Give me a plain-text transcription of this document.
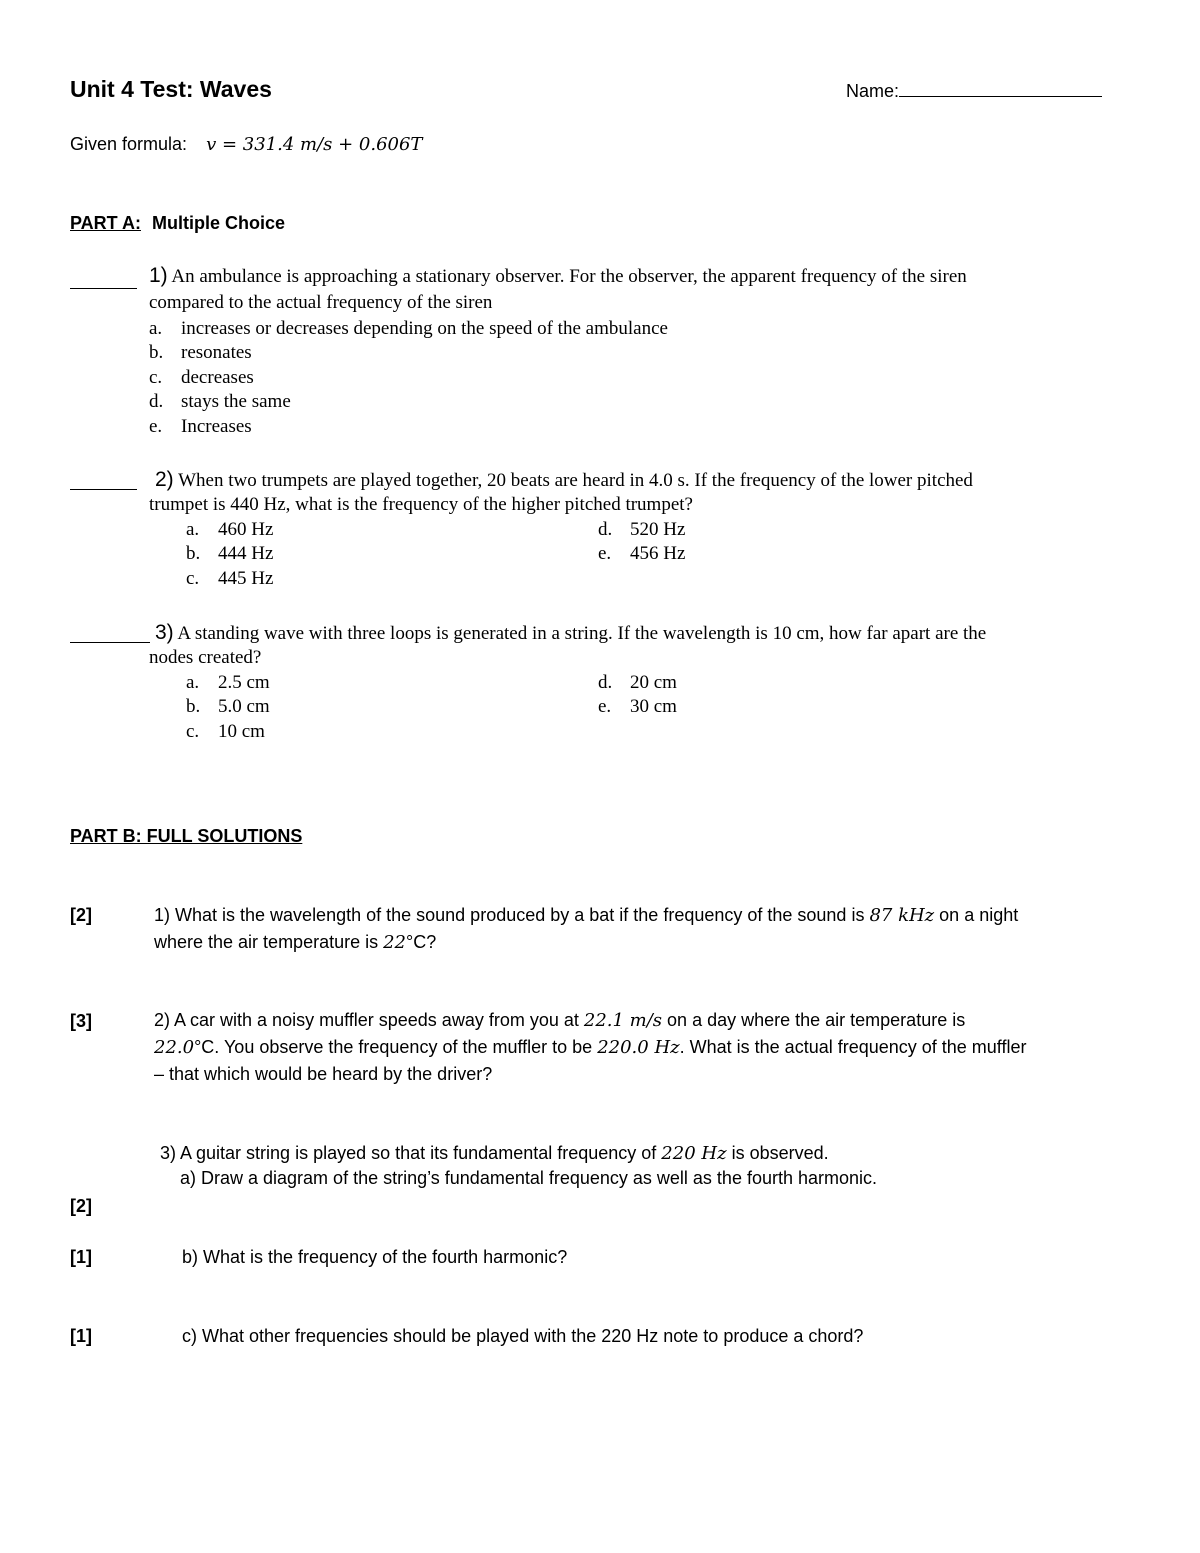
Unit 4 Test: Waves	Name:
Given formula: v = 331.4 m/s + 0.606T
PART A: Multiple Choice
1) An ambulance is approaching a stationary observer. For the observer, the apparent frequency of the siren
compared to the actual frequency of the siren
a. increases or decreases depending on the speed of the ambulance
b. resonates
c. decreases
d. stays the same
e. Increases
2) When two trumpets are played together, 20 beats are heard in 4.0 s. If the frequency of the lower pitched
trumpet is 440 Hz, what is the frequency of the higher pitched trumpet?
a. 460 Hz
b. 444 Hz
c. 445 Hz
d. 520 Hz
e. 456 Hz
3) A standing wave with three loops is generated in a string. If the wavelength is 10 cm, how far apart are the
nodes created?
a. 2.5 cm
b. 5.0 cm
c. 10 cm
d. 20 cm
e. 30 cm
PART B: FULL SOLUTIONS
[2]	1) What is the wavelength of the sound produced by a bat if the frequency of the sound is 87 kHz on a night
where the air temperature is 22°C?
[3]	2) A car with a noisy muffler speeds away from you at 22.1 m/s on a day where the air temperature is
22.0°C. You observe the frequency of the muffler to be 220.0 Hz. What is the actual frequency of the muffler
– that which would be heard by the driver?
3) A guitar string is played so that its fundamental frequency of 220 Hz is observed.
a) Draw a diagram of the string’s fundamental frequency as well as the fourth harmonic.
[2]
[1]	b) What is the frequency of the fourth harmonic?
[1]	c) What other frequencies should be played with the 220 Hz note to produce a chord?
